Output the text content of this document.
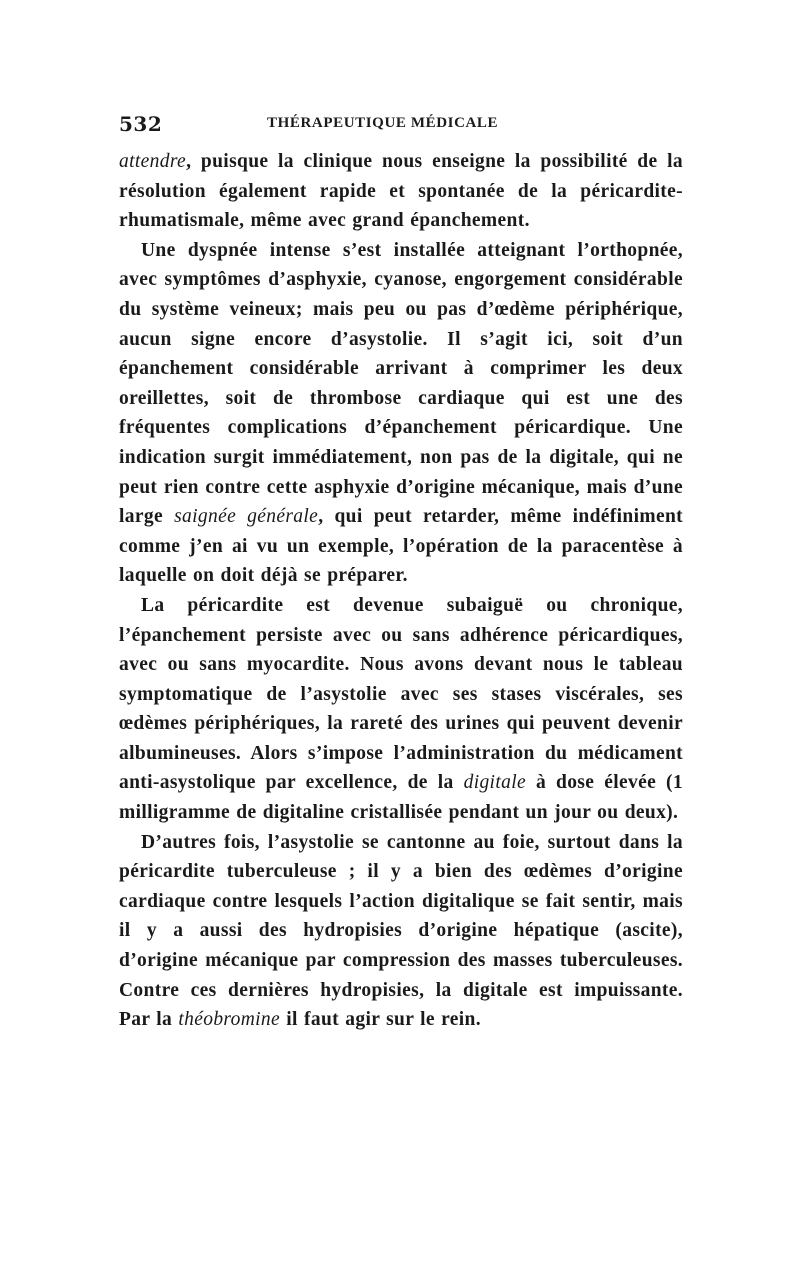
532	THÉRAPEUTIQUE MÉDICALE

attendre, puisque la clinique nous enseigne la possibilité de la résolution également rapide et spontanée de la péricardite-rhumatismale, même avec grand épanchement.

Une dyspnée intense s’est installée atteignant l’orthopnée, avec symptômes d’asphyxie, cyanose, engorgement considérable du système veineux; mais peu ou pas d’œdème périphérique, aucun signe encore d’asystolie. Il s’agit ici, soit d’un épanchement considérable arrivant à comprimer les deux oreillettes, soit de thrombose cardiaque qui est une des fréquentes complications d’épanchement péricardique. Une indication surgit immédiatement, non pas de la digitale, qui ne peut rien contre cette asphyxie d’origine mécanique, mais d’une large saignée générale, qui peut retarder, même indéfiniment comme j’en ai vu un exemple, l’opération de la paracentèse à laquelle on doit déjà se préparer.

La péricardite est devenue subaiguë ou chronique, l’épanchement persiste avec ou sans adhérence péricardiques, avec ou sans myocardite. Nous avons devant nous le tableau symptomatique de l’asystolie avec ses stases viscérales, ses œdèmes périphériques, la rareté des urines qui peuvent devenir albumineuses. Alors s’impose l’administration du médicament anti-asystolique par excellence, de la digitale à dose élevée (1 milligramme de digitaline cristallisée pendant un jour ou deux).

D’autres fois, l’asystolie se cantonne au foie, surtout dans la péricardite tuberculeuse ; il y a bien des œdèmes d’origine cardiaque contre lesquels l’action digitalique se fait sentir, mais il y a aussi des hydropisies d’origine hépatique (ascite), d’origine mécanique par compression des masses tuberculeuses. Contre ces dernières hydropisies, la digitale est impuissante. Par la théobromine il faut agir sur le rein.
